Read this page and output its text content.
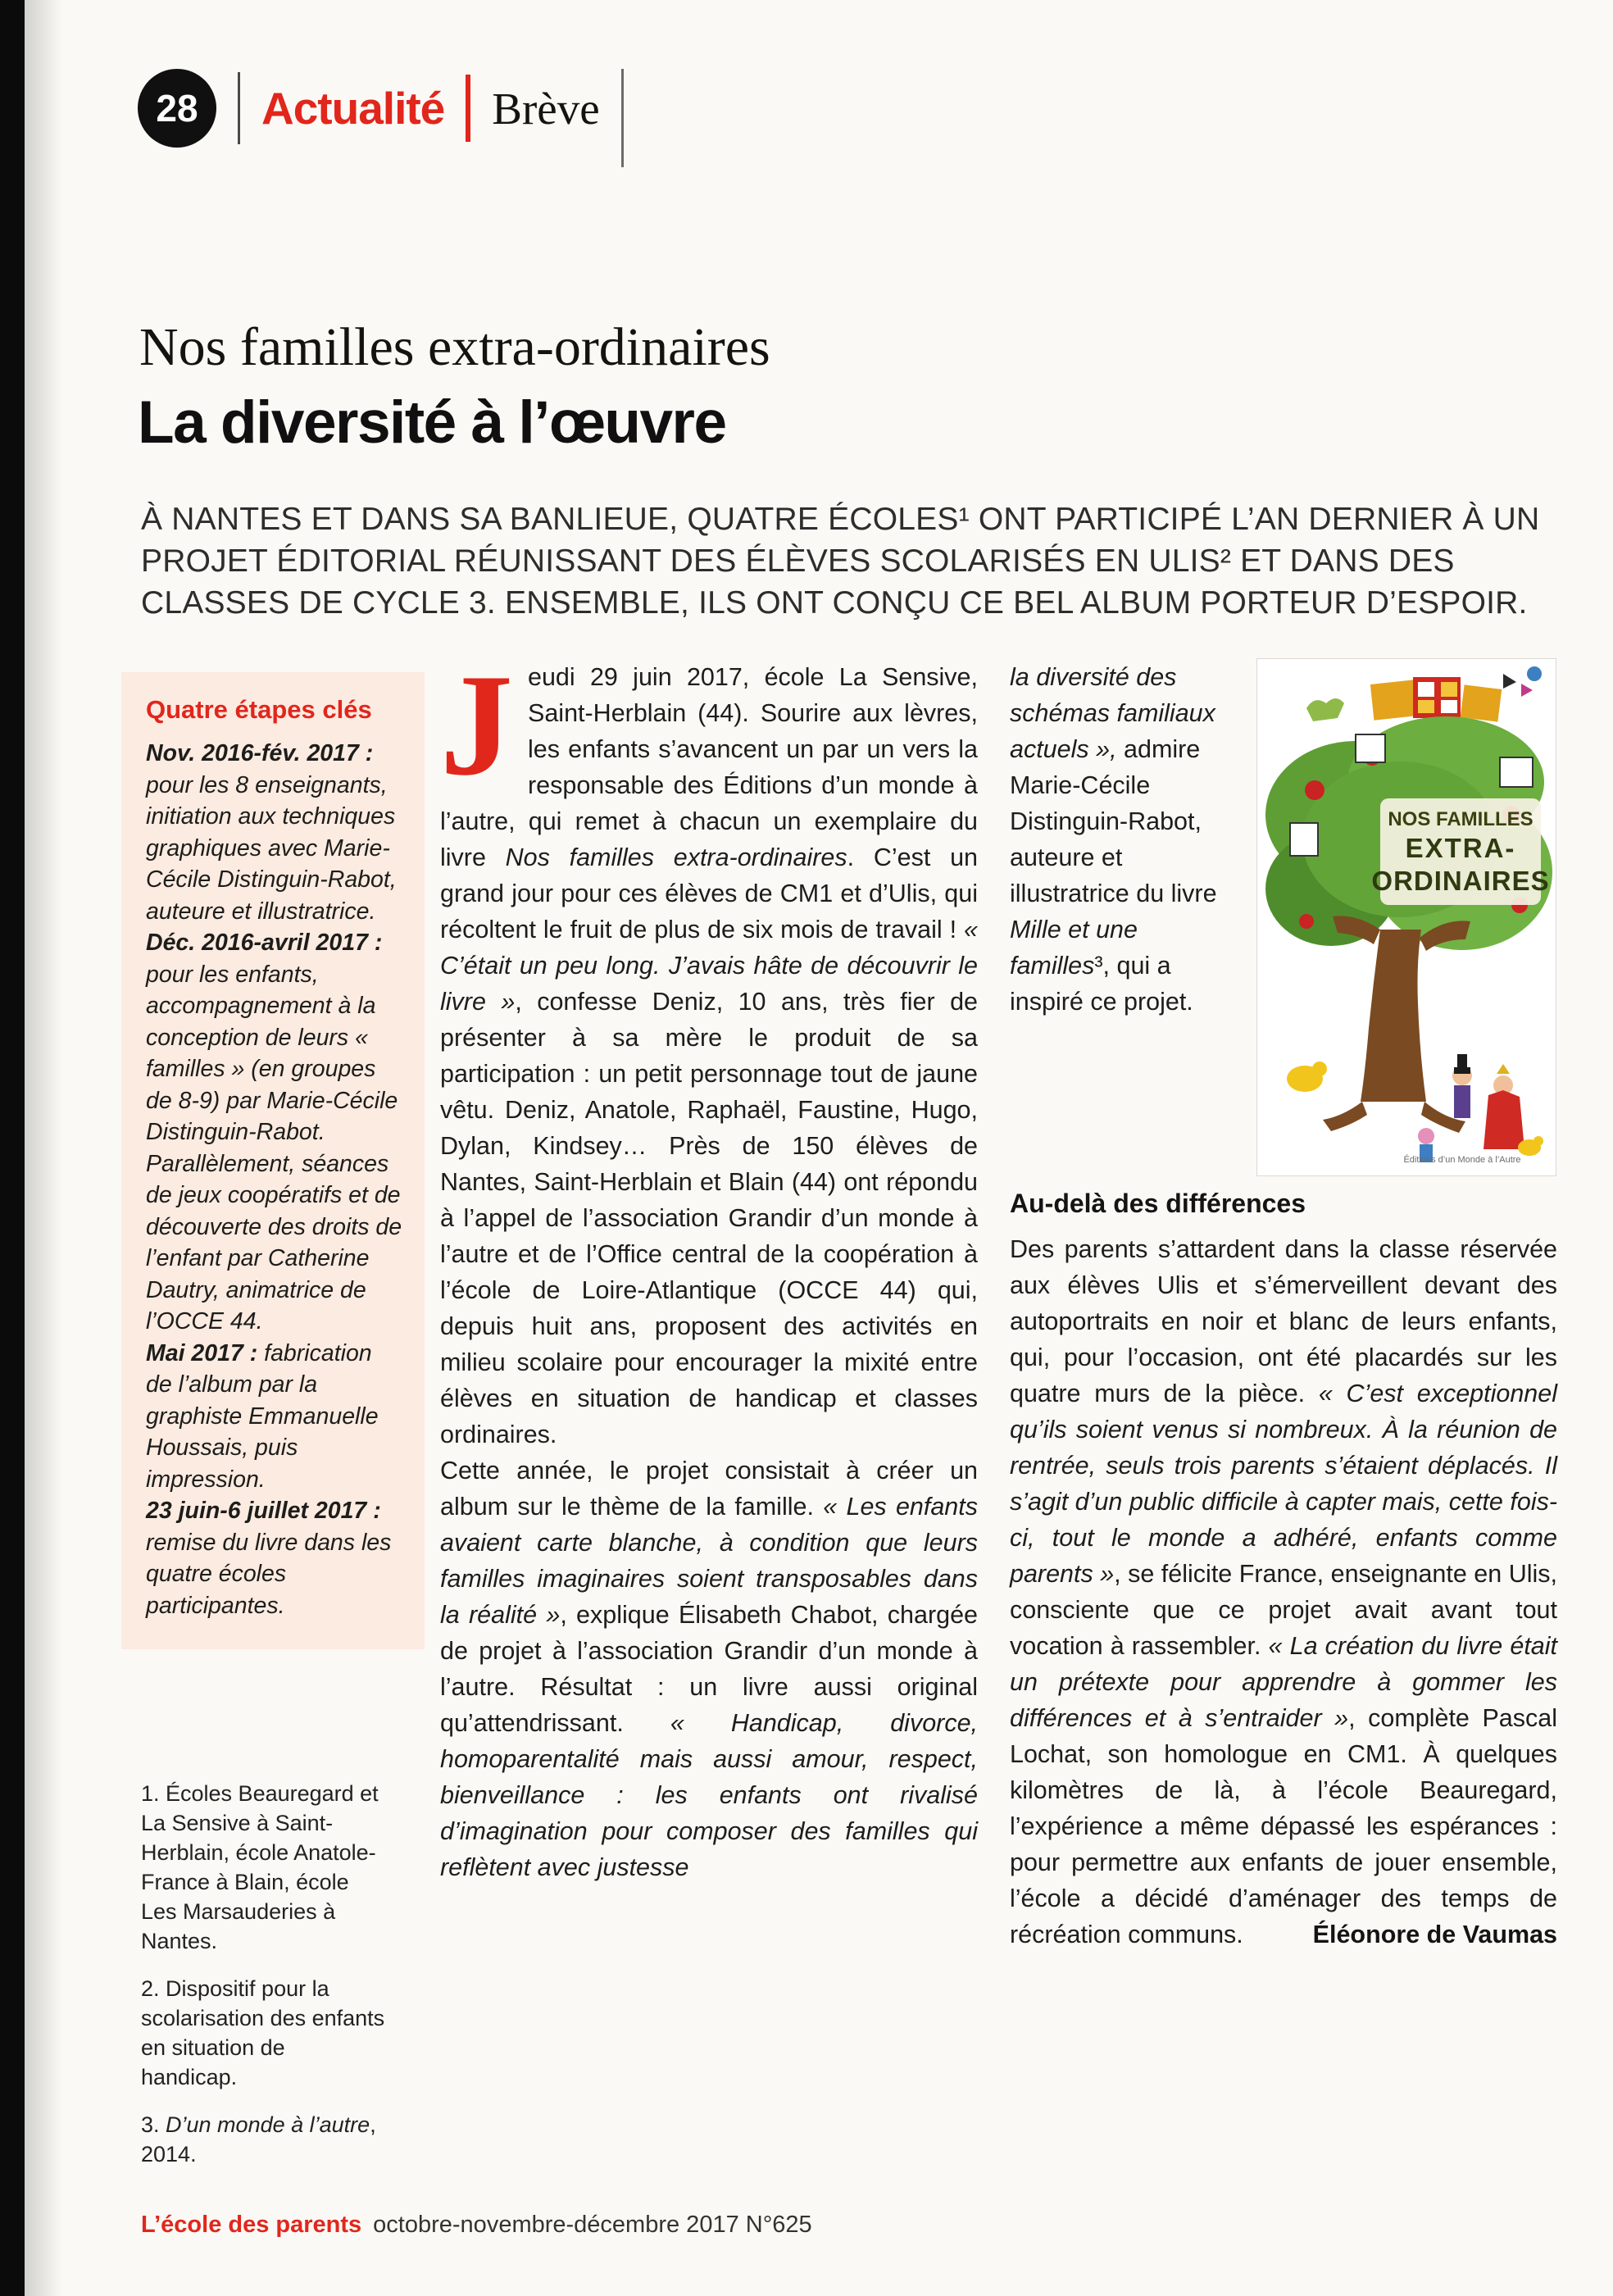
28	Actualité Brève
Nos familles extra-ordinaires
La diversité à l’œuvre
À NANTES ET DANS SA BANLIEUE, QUATRE ÉCOLES¹ ONT PARTICIPÉ L’AN DERNIER À UN PROJET ÉDITORIAL RÉUNISSANT DES ÉLÈVES SCOLARISÉS EN ULIS² ET DANS DES CLASSES DE CYCLE 3. ENSEMBLE, ILS ONT CONÇU CE BEL ALBUM PORTEUR D’ESPOIR.
Quatre étapes clés

Nov. 2016-fév. 2017 : pour les 8 enseignants, initiation aux techniques graphiques avec Marie-Cécile Distinguin-Rabot, auteure et illustratrice.

Déc. 2016-avril 2017 : pour les enfants, accompagnement à la conception de leurs « familles » (en groupes de 8-9) par Marie-Cécile Distinguin-Rabot. Parallèlement, séances de jeux coopératifs et de découverte des droits de l’enfant par Catherine Dautry, animatrice de l’OCCE 44.

Mai 2017 : fabrication de l’album par la graphiste Emmanuelle Houssais, puis impression.

23 juin-6 juillet 2017 : remise du livre dans les quatre écoles participantes.

1. Écoles Beauregard et La Sensive à Saint-Herblain, école Anatole-France à Blain, école Les Marsauderies à Nantes.

2. Dispositif pour la scolarisation des enfants en situation de handicap.

3. D’un monde à l’autre, 2014.

Jeudi 29 juin 2017, école La Sensive, Saint-Herblain (44). Sourire aux lèvres, les enfants s’avancent un par un vers la responsable des Éditions d’un monde à l’autre, qui remet à chacun un exemplaire du livre Nos familles extra-ordinaires. C’est un grand jour pour ces élèves de CM1 et d’Ulis, qui récoltent le fruit de plus de six mois de travail ! « C’était un peu long. J’avais hâte de découvrir le livre », confesse Deniz, 10 ans, très fier de présenter à sa mère le produit de sa participation : un petit personnage tout de jaune vêtu. Deniz, Anatole, Raphaël, Faustine, Hugo, Dylan, Kindsey… Près de 150 élèves de Nantes, Saint-Herblain et Blain (44) ont répondu à l’appel de l’association Grandir d’un monde à l’autre et de l’Office central de la coopération à l’école de Loire-Atlantique (OCCE 44) qui, depuis huit ans, proposent des activités en milieu scolaire pour encourager la mixité entre élèves en situation de handicap et classes ordinaires.

Cette année, le projet consistait à créer un album sur le thème de la famille. « Les enfants avaient carte blanche, à condition que leurs familles imaginaires soient transposables dans la réalité », explique Élisabeth Chabot, chargée de projet à l’association Grandir d’un monde à l’autre. Résultat : un livre aussi original qu’attendrissant. « Handicap, divorce, homoparentalité mais aussi amour, respect, bienveillance : les enfants ont rivalisé d’imagination pour composer des familles qui reflètent avec justesse

la diversité des schémas familiaux actuels », admire Marie-Cécile Distinguin-Rabot, auteure et illustratrice du livre Mille et une familles³, qui a inspiré ce projet.
NOS FAMILLES
EXTRA-
ORDINAIRES
Éditions d’un Monde à l’Autre
Au-delà des différences

Des parents s’attardent dans la classe réservée aux élèves Ulis et s’émerveillent devant des autoportraits en noir et blanc de leurs enfants, qui, pour l’occasion, ont été placardés sur les quatre murs de la pièce. « C’est exceptionnel qu’ils soient venus si nombreux. À la réunion de rentrée, seuls trois parents s’étaient déplacés. Il s’agit d’un public difficile à capter mais, cette fois-ci, tout le monde a adhéré, enfants comme parents », se félicite France, enseignante en Ulis, consciente que ce projet avait avant tout vocation à rassembler. « La création du livre était un prétexte pour apprendre à gommer les différences et à s’entraider », complète Pascal Lochat, son homologue en CM1. À quelques kilomètres de là, à l’école Beauregard, l’expérience a même dépassé les espérances : pour permettre aux enfants de jouer ensemble, l’école a décidé d’aménager des temps de récréation communs.	Éléonore de Vaumas
L’école des parents octobre-novembre-décembre 2017 N°625
